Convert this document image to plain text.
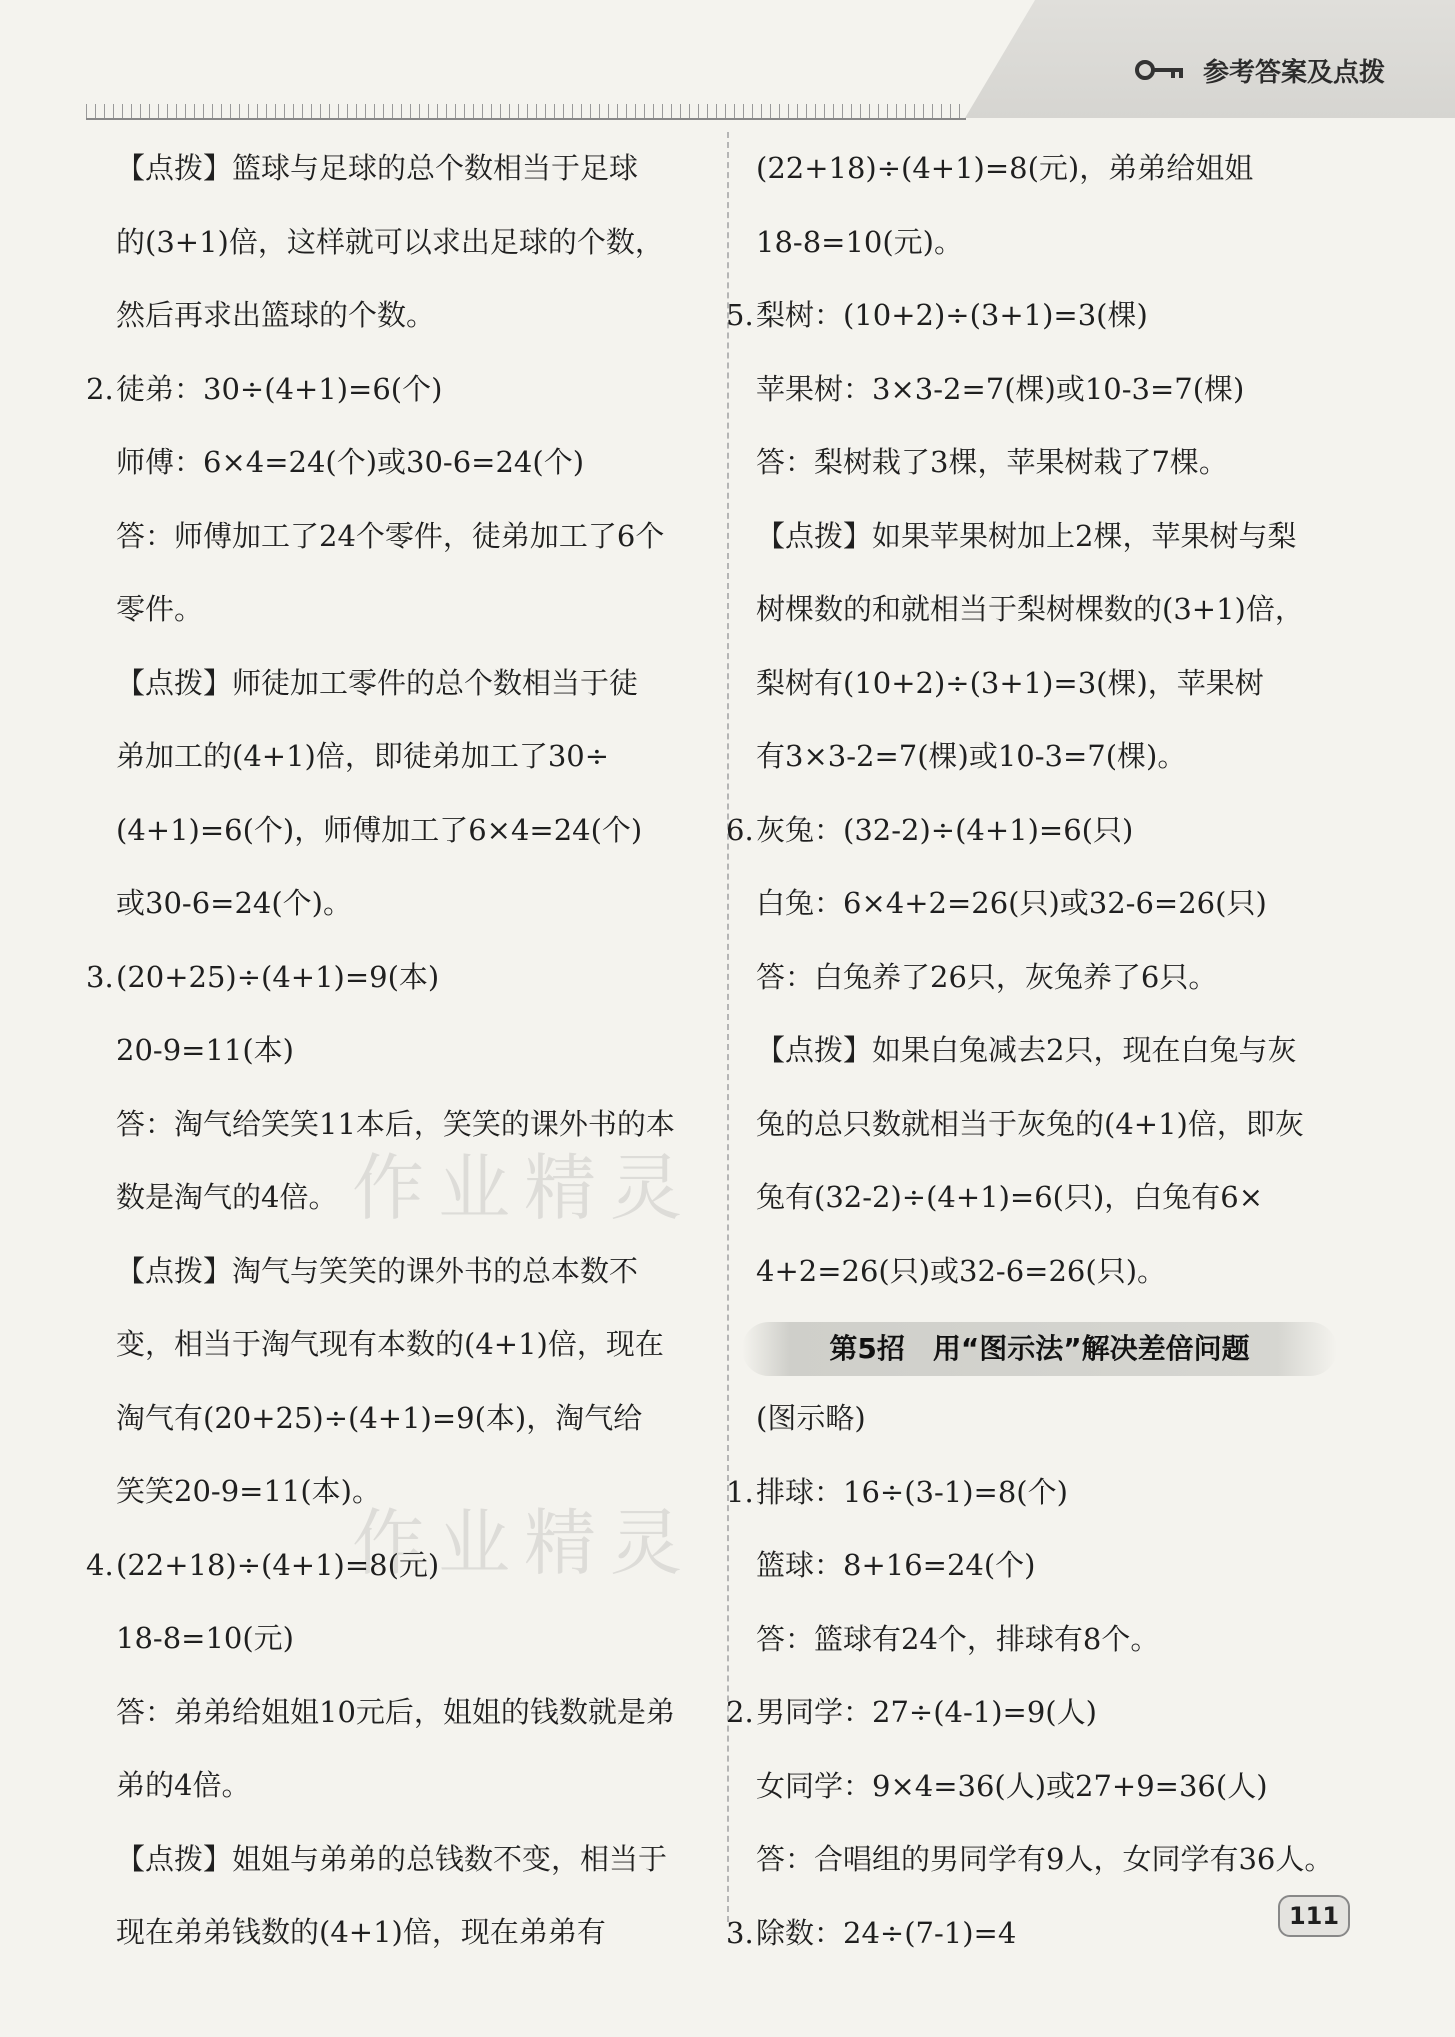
参考答案及点拨
作业精灵
作业精灵
【点拨】篮球与足球的总个数相当于足球
的(3+1)倍，这样就可以求出足球的个数，
然后再求出篮球的个数。
2.徒弟：30÷(4+1)=6(个)
师傅：6×4=24(个)或30-6=24(个)
答：师傅加工了24个零件，徒弟加工了6个
零件。
【点拨】师徒加工零件的总个数相当于徒
弟加工的(4+1)倍，即徒弟加工了30÷
(4+1)=6(个)，师傅加工了6×4=24(个)
或30-6=24(个)。
3.(20+25)÷(4+1)=9(本)
20-9=11(本)
答：淘气给笑笑11本后，笑笑的课外书的本
数是淘气的4倍。
【点拨】淘气与笑笑的课外书的总本数不
变，相当于淘气现有本数的(4+1)倍，现在
淘气有(20+25)÷(4+1)=9(本)，淘气给
笑笑20-9=11(本)。
4.(22+18)÷(4+1)=8(元)
18-8=10(元)
答：弟弟给姐姐10元后，姐姐的钱数就是弟
弟的4倍。
【点拨】姐姐与弟弟的总钱数不变，相当于
现在弟弟钱数的(4+1)倍，现在弟弟有
(22+18)÷(4+1)=8(元)，弟弟给姐姐
18-8=10(元)。
5.梨树：(10+2)÷(3+1)=3(棵)
苹果树：3×3-2=7(棵)或10-3=7(棵)
答：梨树栽了3棵，苹果树栽了7棵。
【点拨】如果苹果树加上2棵，苹果树与梨
树棵数的和就相当于梨树棵数的(3+1)倍，
梨树有(10+2)÷(3+1)=3(棵)，苹果树
有3×3-2=7(棵)或10-3=7(棵)。
6.灰兔：(32-2)÷(4+1)=6(只)
白兔：6×4+2=26(只)或32-6=26(只)
答：白兔养了26只，灰兔养了6只。
【点拨】如果白兔减去2只，现在白兔与灰
兔的总只数就相当于灰兔的(4+1)倍，即灰
兔有(32-2)÷(4+1)=6(只)，白兔有6×
4+2=26(只)或32-6=26(只)。
第5招　用“图示法”解决差倍问题
(图示略)
1.排球：16÷(3-1)=8(个)
篮球：8+16=24(个)
答：篮球有24个，排球有8个。
2.男同学：27÷(4-1)=9(人)
女同学：9×4=36(人)或27+9=36(人)
答：合唱组的男同学有9人，女同学有36人。
3.除数：24÷(7-1)=4	111
